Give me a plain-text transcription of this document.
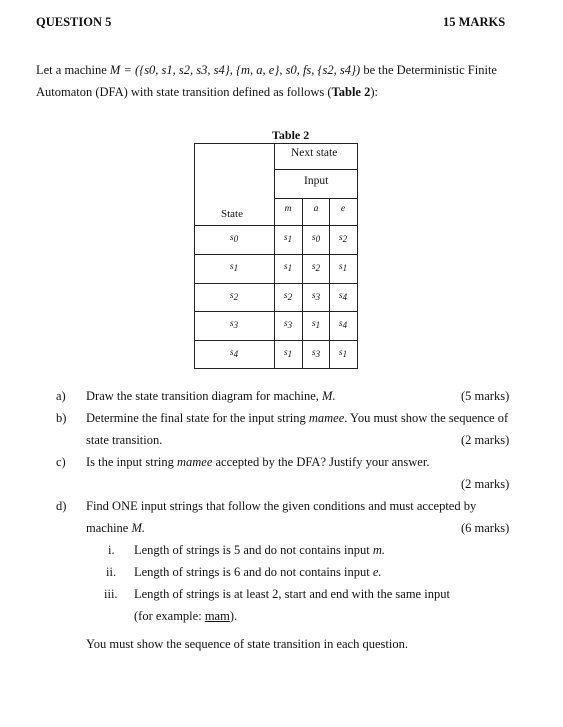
QUESTION 5	15 MARKS
Let a machine M = ({s0, s1, s2, s3, s4}, {m, a, e}, s0, fs, {s2, s4}) be the Deterministic Finite
Automaton (DFA) with state transition defined as follows (Table 2):
Table 2
Next state
Input
State	m	a	e
s0	s1	s0	s2
s1	s1	s2	s1
s2	s2	s3	s4
s3	s3	s1	s4
s4	s1	s3	s1
a) Draw the state transition diagram for machine, M.	(5 marks)
b) Determine the final state for the input string mamee. You must show the sequence of
state transition.	(2 marks)
c) Is the input string mamee accepted by the DFA? Justify your answer.
(2 marks)
d) Find ONE input strings that follow the given conditions and must accepted by
machine M.	(6 marks)
i. Length of strings is 5 and do not contains input m.
ii. Length of strings is 6 and do not contains input e.
iii. Length of strings is at least 2, start and end with the same input
(for example: mam).
You must show the sequence of state transition in each question.
